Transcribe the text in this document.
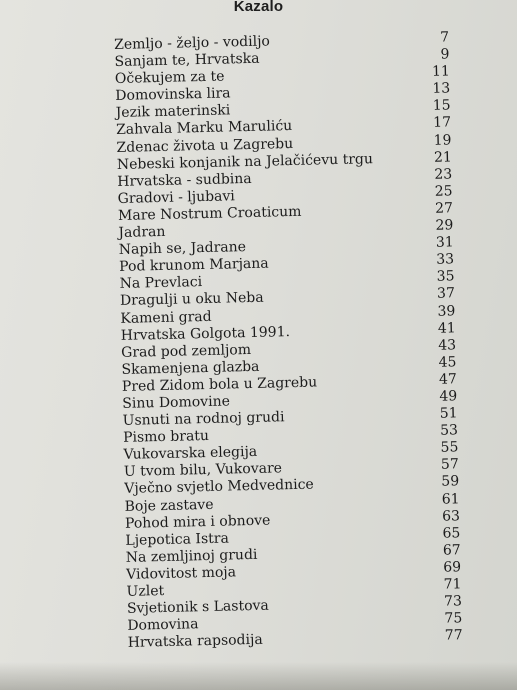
Kazalo
Zemljo - željo - vodiljo	7
Sanjam te, Hrvatska	9
Očekujem za te	11
Domovinska lira	13
Jezik materinski	15
Zahvala Marku Maruliću	17
Zdenac života u Zagrebu	19
Nebeski konjanik na Jelačićevu trgu	21
Hrvatska - sudbina	23
Gradovi - ljubavi	25
Mare Nostrum Croaticum	27
Jadran	29
Napih se, Jadrane	31
Pod krunom Marjana	33
Na Prevlaci	35
Dragulji u oku Neba	37
Kameni grad	39
Hrvatska Golgota 1991.	41
Grad pod zemljom	43
Skamenjena glazba	45
Pred Zidom bola u Zagrebu	47
Sinu Domovine	49
Usnuti na rodnoj grudi	51
Pismo bratu	53
Vukovarska elegija	55
U tvom bilu, Vukovare	57
Vječno svjetlo Medvednice	59
Boje zastave	61
Pohod mira i obnove	63
Ljepotica Istra	65
Na zemljinoj grudi	67
Vidovitost moja	69
Uzlet	71
Svjetionik s Lastova	73
Domovina	75
Hrvatska rapsodija	77
